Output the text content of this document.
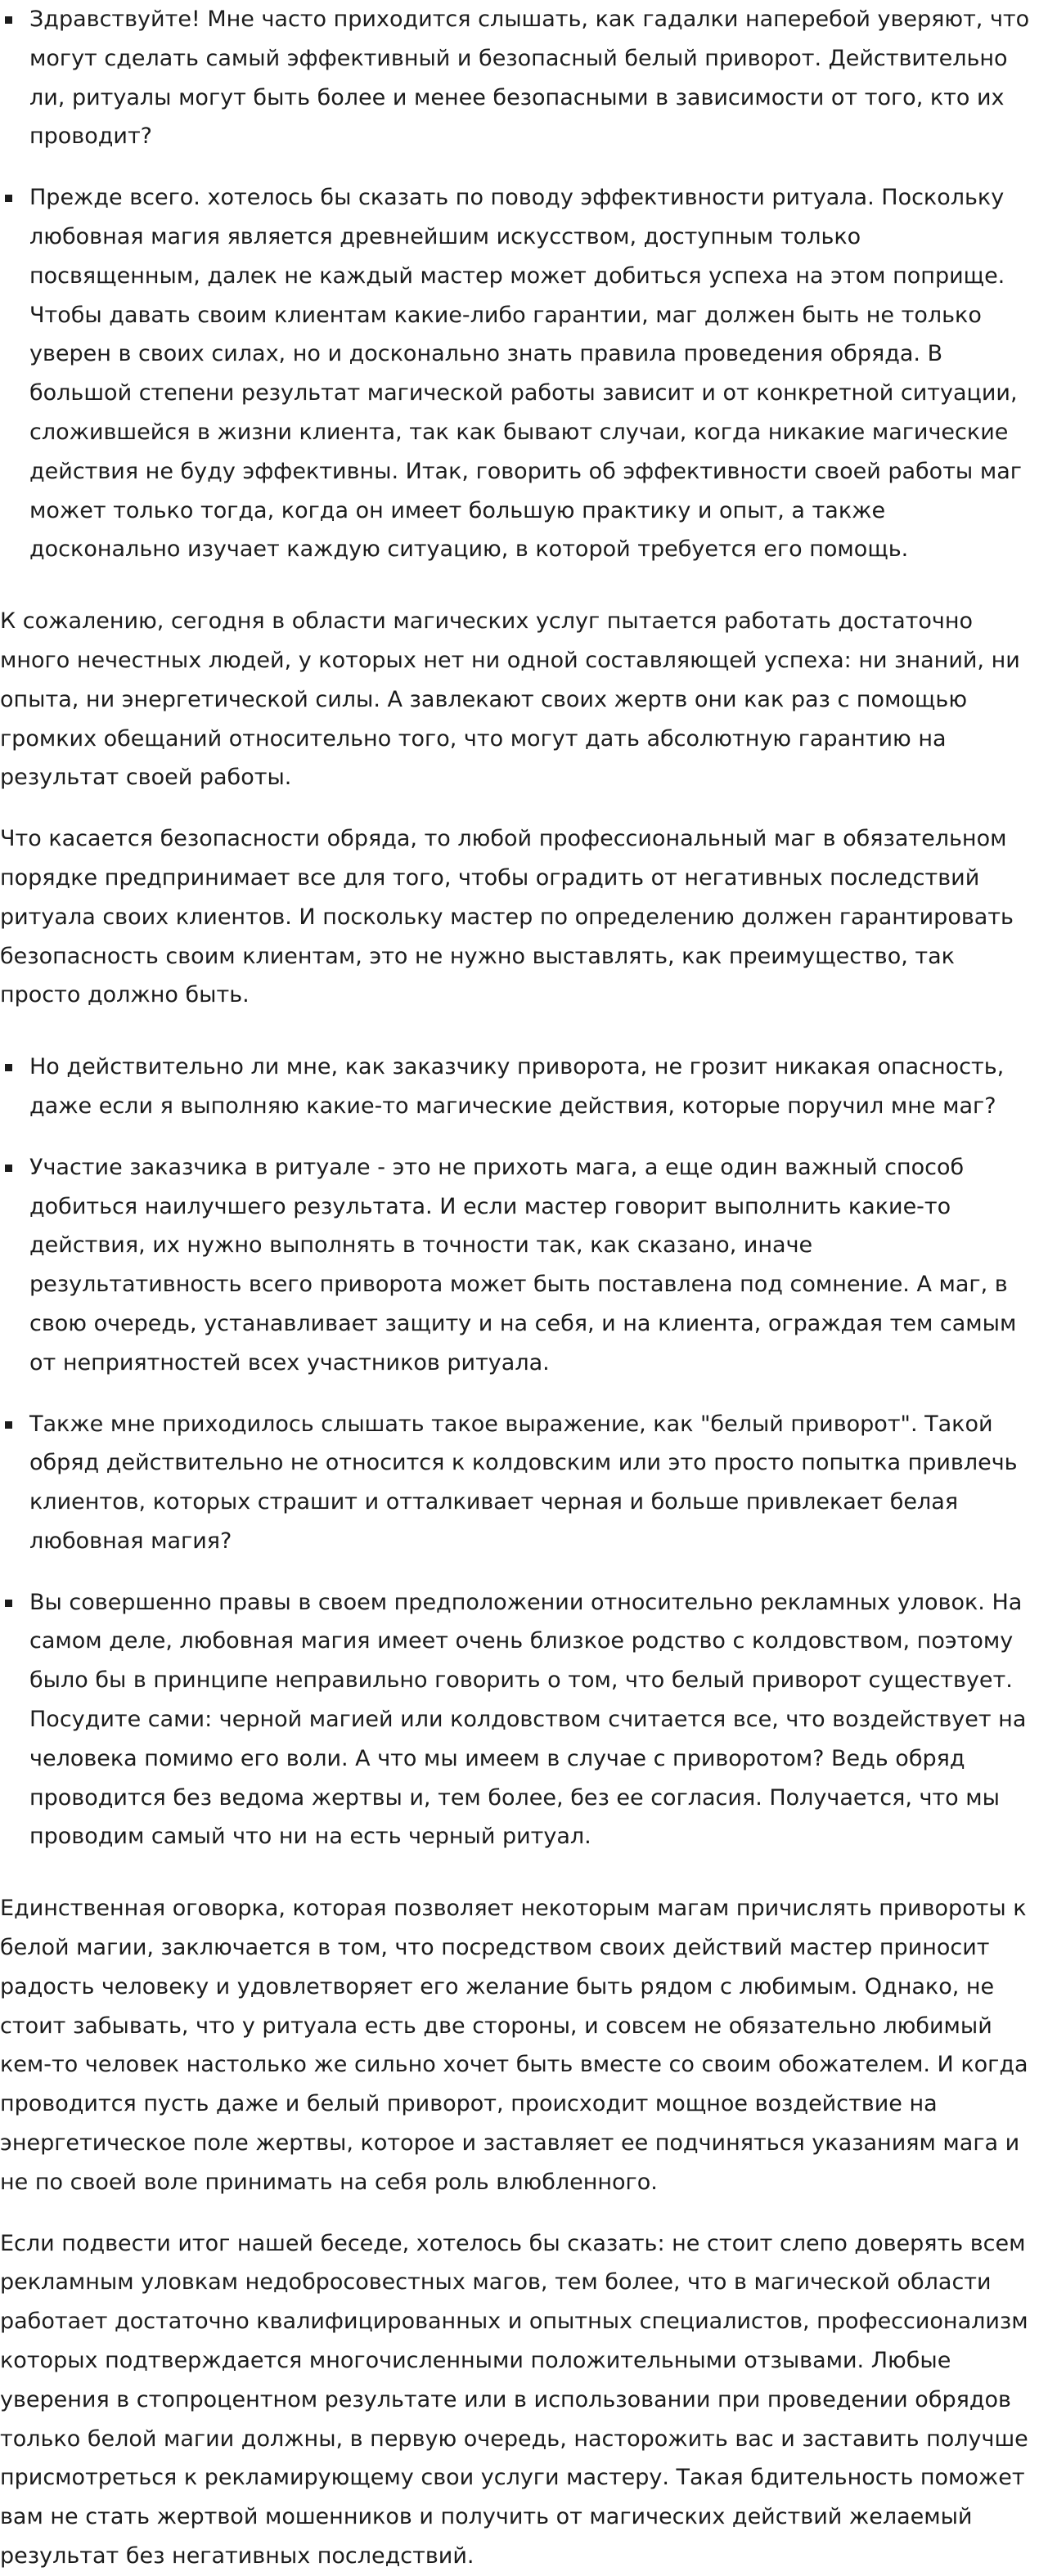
Здравствуйте! Мне часто приходится слышать, как гадалки наперебой уверяют, что могут сделать самый эффективный и безопасный белый приворот. Действительно ли, ритуалы могут быть более и менее безопасными в зависимости от того, кто их проводит?
Прежде всего. хотелось бы сказать по поводу эффективности ритуала. Поскольку любовная магия является древнейшим искусством, доступным только посвященным, далек не каждый мастер может добиться успеха на этом поприще. Чтобы давать своим клиентам какие-либо гарантии, маг должен быть не только уверен в своих силах, но и досконально знать правила проведения обряда. В большой степени результат магической работы зависит и от конкретной ситуации, сложившейся в жизни клиента, так как бывают случаи, когда никакие магические действия не буду эффективны. Итак, говорить об эффективности своей работы маг может только тогда, когда он имеет большую практику и опыт, а также досконально изучает каждую ситуацию, в которой требуется его помощь.

К сожалению, сегодня в области магических услуг пытается работать достаточно много нечестных людей, у которых нет ни одной составляющей успеха: ни знаний, ни опыта, ни энергетической силы. А завлекают своих жертв они как раз с помощью громких обещаний относительно того, что могут дать абсолютную гарантию на результат своей работы.

Что касается безопасности обряда, то любой профессиональный маг в обязательном порядке предпринимает все для того, чтобы оградить от негативных последствий ритуала своих клиентов. И поскольку мастер по определению должен гарантировать безопасность своим клиентам, это не нужно выставлять, как преимущество, так просто должно быть.

Но действительно ли мне, как заказчику приворота, не грозит никакая опасность, даже если я выполняю какие-то магические действия, которые поручил мне маг?
Участие заказчика в ритуале - это не прихоть мага, а еще один важный способ добиться наилучшего результата. И если мастер говорит выполнить какие-то действия, их нужно выполнять в точности так, как сказано, иначе результативность всего приворота может быть поставлена под сомнение. А маг, в свою очередь, устанавливает защиту и на себя, и на клиента, ограждая тем самым от неприятностей всех участников ритуала.
Также мне приходилось слышать такое выражение, как "белый приворот". Такой обряд действительно не относится к колдовским или это просто попытка привлечь клиентов, которых страшит и отталкивает черная и больше привлекает белая любовная магия?
Вы совершенно правы в своем предположении относительно рекламных уловок. На самом деле, любовная магия имеет очень близкое родство с колдовством, поэтому было бы в принципе неправильно говорить о том, что белый приворот существует. Посудите сами: черной магией или колдовством считается все, что воздействует на человека помимо его воли. А что мы имеем в случае с приворотом? Ведь обряд проводится без ведома жертвы и, тем более, без ее согласия. Получается, что мы проводим самый что ни на есть черный ритуал.

Единственная оговорка, которая позволяет некоторым магам причислять привороты к белой магии, заключается в том, что посредством своих действий мастер приносит радость человеку и удовлетворяет его желание быть рядом с любимым. Однако, не стоит забывать, что у ритуала есть две стороны, и совсем не обязательно любимый кем-то человек настолько же сильно хочет быть вместе со своим обожателем. И когда проводится пусть даже и белый приворот, происходит мощное воздействие на энергетическое поле жертвы, которое и заставляет ее подчиняться указаниям мага и не по своей воле принимать на себя роль влюбленного.

Если подвести итог нашей беседе, хотелось бы сказать: не стоит слепо доверять всем рекламным уловкам недобросовестных магов, тем более, что в магической области работает достаточно квалифицированных и опытных специалистов, профессионализм которых подтверждается многочисленными положительными отзывами. Любые уверения в стопроцентном результате или в использовании при проведении обрядов только белой магии должны, в первую очередь, насторожить вас и заставить получше присмотреться к рекламирующему свои услуги мастеру. Такая бдительность поможет вам не стать жертвой мошенников и получить от магических действий желаемый результат без негативных последствий.
